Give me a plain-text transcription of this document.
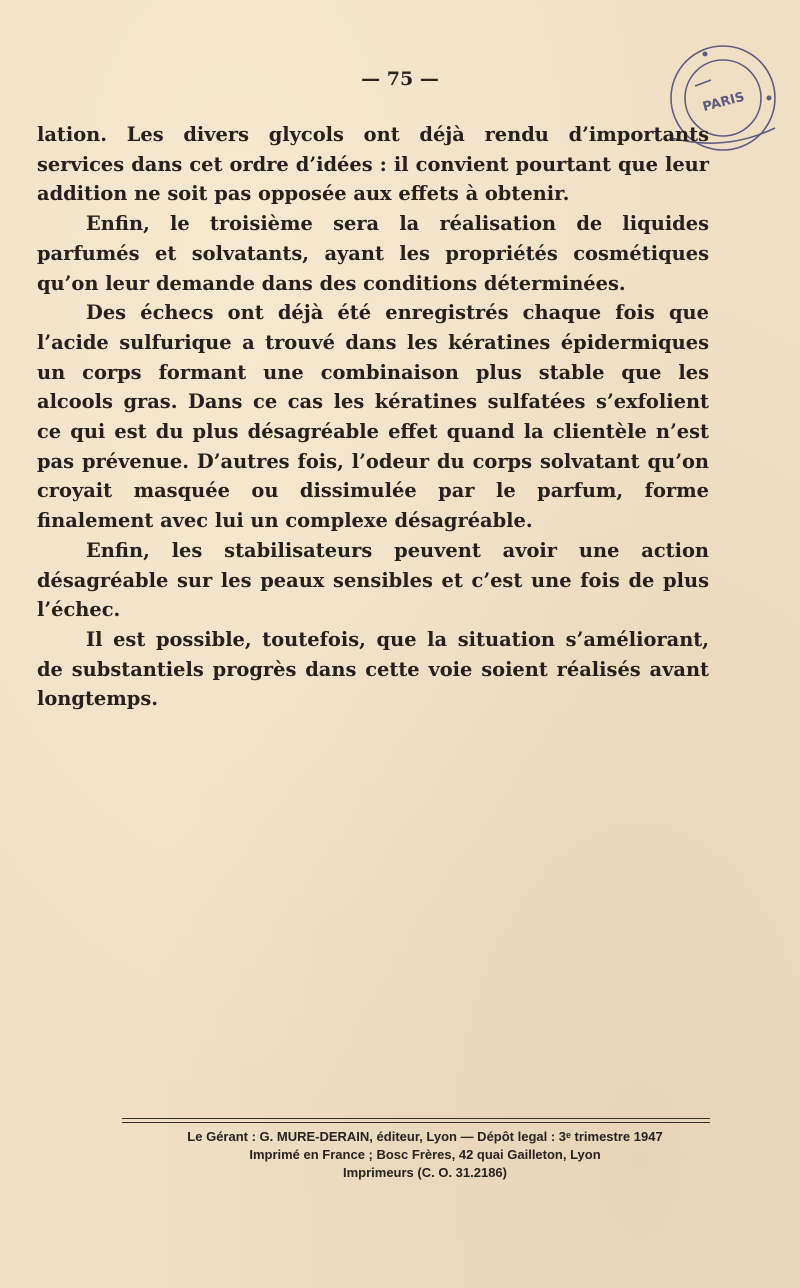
— 75 —
PARIS

lation. Les divers glycols ont déjà rendu d’importants services dans cet ordre d’idées : il convient pourtant que leur addition ne soit pas opposée aux effets à obtenir.

Enfin, le troisième sera la réalisation de liquides parfumés et solvatants, ayant les propriétés cosmétiques qu’on leur demande dans des conditions déterminées.

Des échecs ont déjà été enregistrés chaque fois que l’acide sulfurique a trouvé dans les kératines épidermiques un corps formant une combinaison plus stable que les alcools gras. Dans ce cas les kératines sulfatées s’exfolient ce qui est du plus désagréable effet quand la clientèle n’est pas prévenue. D’autres fois, l’odeur du corps solvatant qu’on croyait masquée ou dissimulée par le parfum, forme finalement avec lui un complexe désagréable.

Enfin, les stabilisateurs peuvent avoir une action désagréable sur les peaux sensibles et c’est une fois de plus l’échec.

Il est possible, toutefois, que la situation s’améliorant, de substantiels progrès dans cette voie soient réalisés avant longtemps.

Le Gérant : G. MURE-DERAIN, éditeur, Lyon — Dépôt legal : 3ᵉ trimestre 1947
Imprimé en France ; Bosc Frères, 42 quai Gailleton, Lyon
Imprimeurs (C. O. 31.2186)
